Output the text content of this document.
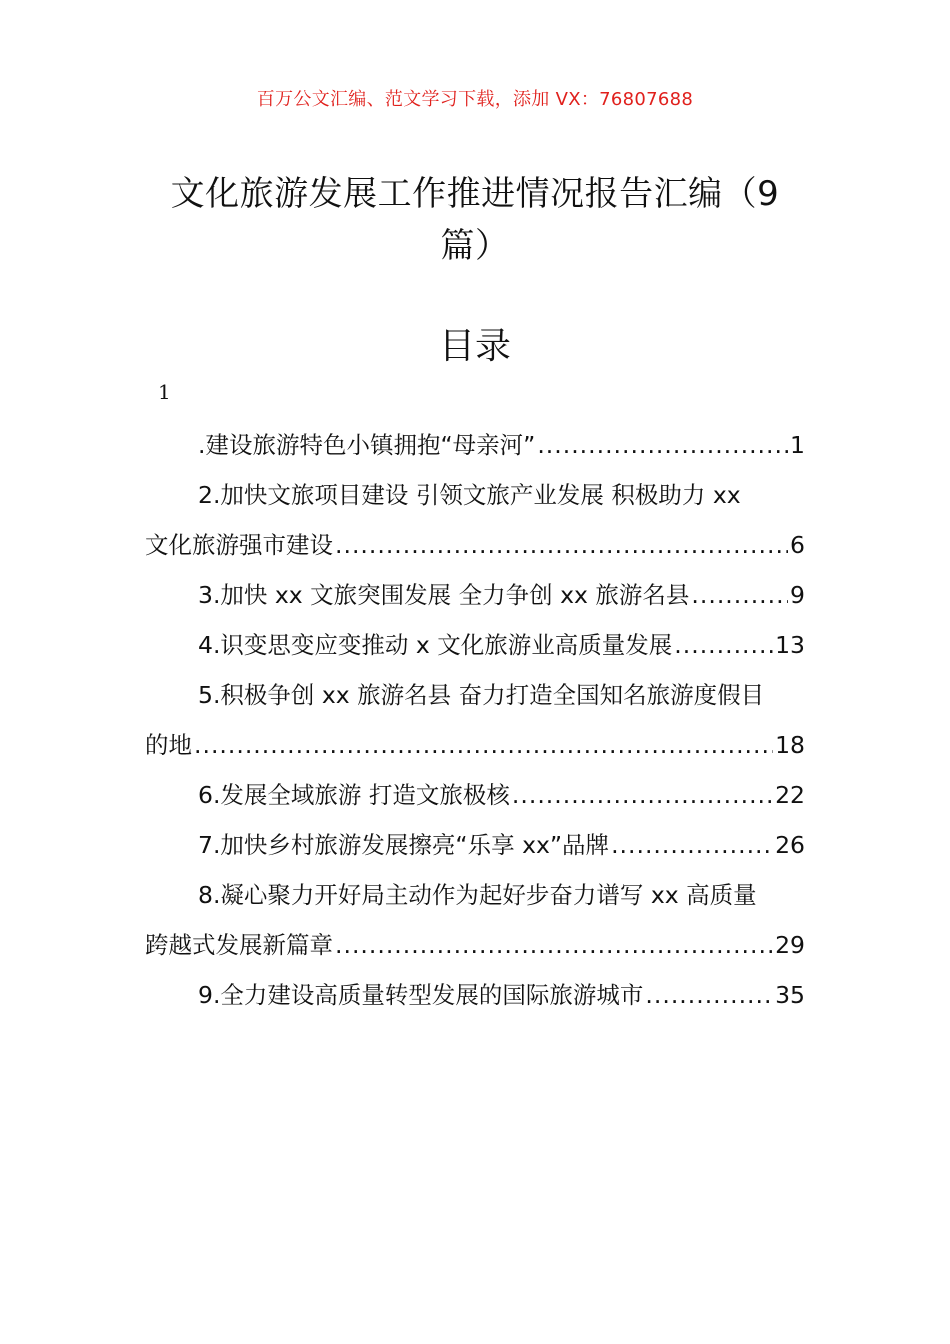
百万公文汇编、范文学习下载，添加 VX：76807688
文化旅游发展工作推进情况报告汇编（9
篇）
目录
1
.建设旅游特色小镇拥抱“母亲河” .....	1
2.加快文旅项目建设 引领文旅产业发展 积极助力 xx
文化旅游强市建设 .....	6
3.加快 xx 文旅突围发展 全力争创 xx 旅游名县 .....	9
4.识变思变应变推动 x 文化旅游业高质量发展 .....	13
5.积极争创 xx 旅游名县 奋力打造全国知名旅游度假目
的地 .....	18
6.发展全域旅游 打造文旅极核 .....	22
7.加快乡村旅游发展擦亮“乐享 xx”品牌 .....	26
8.凝心聚力开好局主动作为起好步奋力谱写 xx 高质量
跨越式发展新篇章 .....	29
9.全力建设高质量转型发展的国际旅游城市 .....	35
